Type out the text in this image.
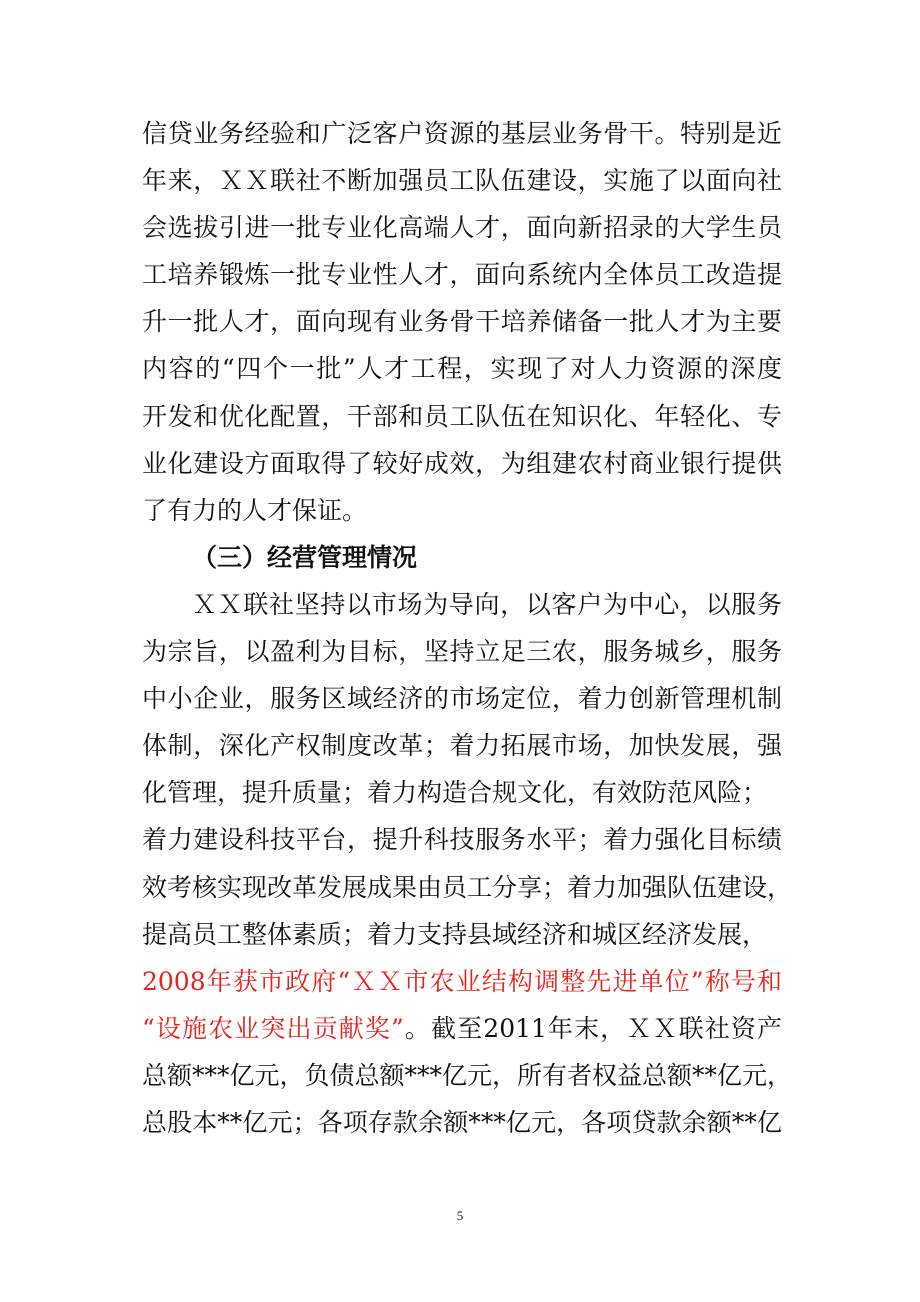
信贷业务经验和广泛客户资源的基层业务骨干。特别是近
年来，ＸＸ联社不断加强员工队伍建设，实施了以面向社
会选拔引进一批专业化高端人才，面向新招录的大学生员
工培养锻炼一批专业性人才，面向系统内全体员工改造提
升一批人才，面向现有业务骨干培养储备一批人才为主要
内容的“四个一批”人才工程，实现了对人力资源的深度
开发和优化配置，干部和员工队伍在知识化、年轻化、专
业化建设方面取得了较好成效，为组建农村商业银行提供
了有力的人才保证。
（三）经营管理情况
ＸＸ联社坚持以市场为导向，以客户为中心，以服务
为宗旨，以盈利为目标，坚持立足三农，服务城乡，服务
中小企业，服务区域经济的市场定位，着力创新管理机制
体制，深化产权制度改革；着力拓展市场，加快发展，强
化管理，提升质量；着力构造合规文化，有效防范风险；
着力建设科技平台，提升科技服务水平；着力强化目标绩
效考核实现改革发展成果由员工分享；着力加强队伍建设，
提高员工整体素质；着力支持县域经济和城区经济发展，
2008年获市政府“ＸＸ市农业结构调整先进单位”称号和
“设施农业突出贡献奖”。截至2011年末，ＸＸ联社资产
总额***亿元，负债总额***亿元，所有者权益总额**亿元，
总股本**亿元；各项存款余额***亿元，各项贷款余额**亿
5
